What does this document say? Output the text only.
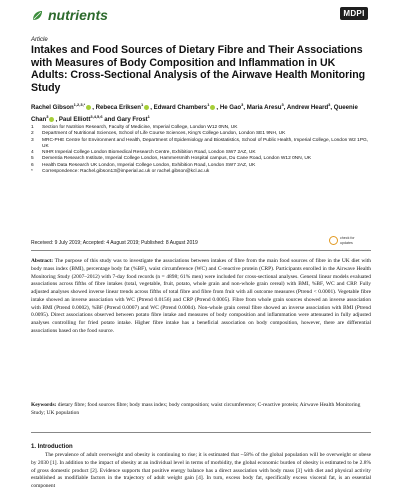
nutrients	MDPI
Article
Intakes and Food Sources of Dietary Fibre and Their Associations with Measures of Body Composition and Inflammation in UK Adults: Cross-Sectional Analysis of the Airwave Health Monitoring Study
Rachel Gibson$^{1,2,3,*}$ , Rebeca Eriksen$^1$ , Edward Chambers$^1$ , He Gao$^3$, Maria Aresu$^3$, Andrew Heard$^3$, Queenie Chan$^3$ , Paul Elliott$^{3,4,5,6}$ and Gary Frost$^1$
1	Section for Nutrition Research, Faculty of Medicine, Imperial College, London W12 0NN, UK
2	Department of Nutritional Sciences, School of Life Course Sciences, King's College London, London SE1 9NH, UK
3	MRC-PHE Centre for Environment and Health, Department of Epidemiology and Biostatistics, School of Public Health, Imperial College, London W2 1PG, UK
4	NIHR Imperial College London Biomedical Research Centre, Exhibition Road, London SW7 2AZ, UK
5	Dementia Research Institute, Imperial College London, Hammersmith Hospital campus, Du Cane Road, London W12 0NN, UK
6	Health Data Research UK London, Imperial College London, Exhibition Road, London SW7 2AZ, UK
*	Correspondence: Rachel.gibson13@imperial.ac.uk or rachel.gibson@kcl.ac.uk
Received: 9 July 2019; Accepted: 4 August 2019; Published: 8 August 2019
check for
updates
Abstract: The purpose of this study was to investigate the associations between intakes of fibre from the main food sources of fibre in the UK diet with body mass index (BMI), percentage body fat (%BF), waist circumference (WC) and C-reactive protein (CRP). Participants enrolled in the Airwave Health Monitoring Study (2007–2012) with 7-day food records (n = 4898; 61% men) were included for cross-sectional analyses. General linear models evaluated associations across fifths of fibre intakes (total, vegetable, fruit, potato, whole grain and non-whole grain cereal) with BMI, %BF, WC and CRP. Fully adjusted analyses showed inverse linear trends across fifths of total fibre and fibre from fruit with all outcome measures (Ptrend < 0.0001). Vegetable fibre intake showed an inverse association with WC (Ptrend 0.0156) and CRP (Ptrend 0.0005). Fibre from whole grain sources showed an inverse association with BMI (Ptrend 0.0002), %BF (Ptrend 0.0007) and WC (Ptrend 0.0004). Non-whole grain cereal fibre showed an inverse association with BMI (Ptrend 0.0095). Direct associations observed between potato fibre intake and measures of body composition and inflammation were attenuated in fully adjusted analyses controlling for fried potato intake. Higher fibre intake has a beneficial association on body composition, however, there are differential associations based on the food source.
Keywords: dietary fibre; food sources fibre; body mass index; body composition; waist circumference; C-reactive protein; Airwave Health Monitoring Study; UK population
1. Introduction
The prevalence of adult overweight and obesity is continuing to rise; it is estimated that ~58% of the global population will be overweight or obese by 2030 [1]. In addition to the impact of obesity at an individual level in terms of morbidity, the global economic burden of obesity is estimated to be 2.8% of gross domestic product [2]. Evidence supports that positive energy balance has a direct association with body mass [3] with diet and physical activity established as modifiable factors in the trajectory of adult weight gain [4]. In turn, excess body fat, specifically excess visceral fat, is an essential component
